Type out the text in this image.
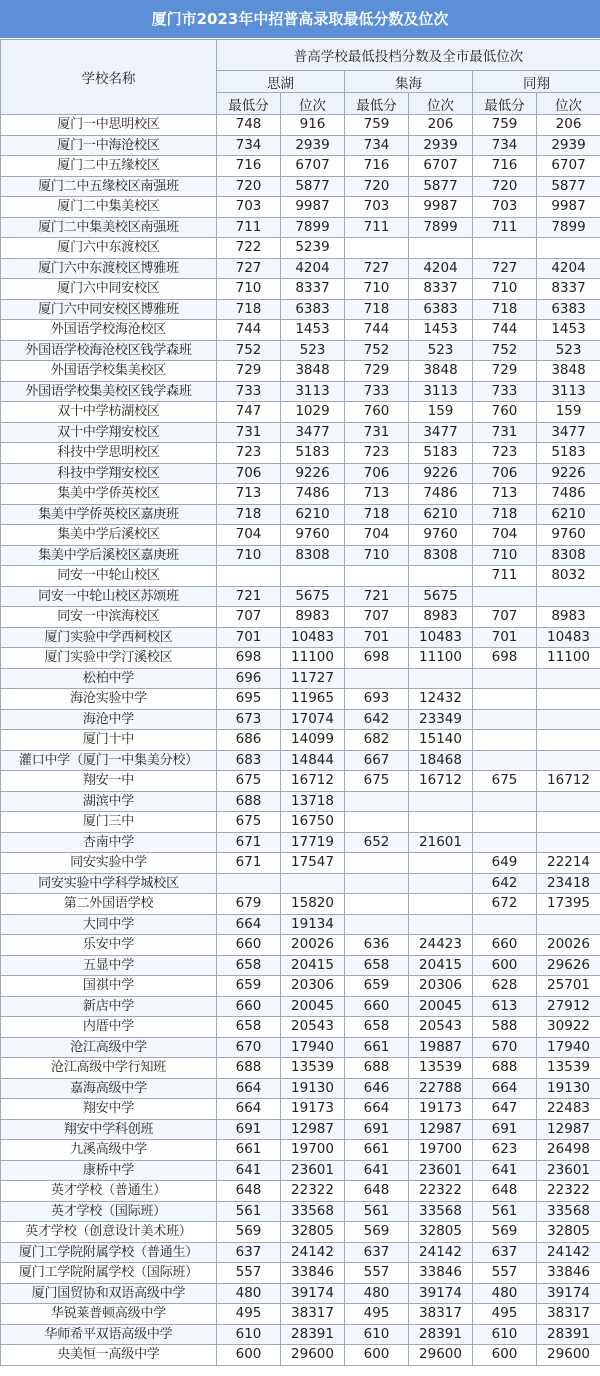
厦门市2023年中招普高录取最低分数及位次
学校名称	普高学校最低投档分数及全市最低位次					
	思湖		集海		同翔	
	最低分	位次	最低分	位次	最低分	位次
厦门一中思明校区	748	916	759	206	759	206
厦门一中海沧校区	734	2939	734	2939	734	2939
厦门二中五缘校区	716	6707	716	6707	716	6707
厦门二中五缘校区南强班	720	5877	720	5877	720	5877
厦门二中集美校区	703	9987	703	9987	703	9987
厦门二中集美校区南强班	711	7899	711	7899	711	7899
厦门六中东渡校区	722	5239				
厦门六中东渡校区博雅班	727	4204	727	4204	727	4204
厦门六中同安校区	710	8337	710	8337	710	8337
厦门六中同安校区博雅班	718	6383	718	6383	718	6383
外国语学校海沧校区	744	1453	744	1453	744	1453
外国语学校海沧校区钱学森班	752	523	752	523	752	523
外国语学校集美校区	729	3848	729	3848	729	3848
外国语学校集美校区钱学森班	733	3113	733	3113	733	3113
双十中学枋湖校区	747	1029	760	159	760	159
双十中学翔安校区	731	3477	731	3477	731	3477
科技中学思明校区	723	5183	723	5183	723	5183
科技中学翔安校区	706	9226	706	9226	706	9226
集美中学侨英校区	713	7486	713	7486	713	7486
集美中学侨英校区嘉庚班	718	6210	718	6210	718	6210
集美中学后溪校区	704	9760	704	9760	704	9760
集美中学后溪校区嘉庚班	710	8308	710	8308	710	8308
同安一中轮山校区					711	8032
同安一中轮山校区苏颂班	721	5675	721	5675		
同安一中滨海校区	707	8983	707	8983	707	8983
厦门实验中学西柯校区	701	10483	701	10483	701	10483
厦门实验中学汀溪校区	698	11100	698	11100	698	11100
松柏中学	696	11727				
海沧实验中学	695	11965	693	12432		
海沧中学	673	17074	642	23349		
厦门十中	686	14099	682	15140		
灌口中学（厦门一中集美分校）	683	14844	667	18468		
翔安一中	675	16712	675	16712	675	16712
湖滨中学	688	13718				
厦门三中	675	16750				
杏南中学	671	17719	652	21601		
同安实验中学	671	17547			649	22214
同安实验中学科学城校区					642	23418
第二外国语学校	679	15820			672	17395
大同中学	664	19134				
乐安中学	660	20026	636	24423	660	20026
五显中学	658	20415	658	20415	600	29626
国祺中学	659	20306	659	20306	628	25701
新店中学	660	20045	660	20045	613	27912
内厝中学	658	20543	658	20543	588	30922
沧江高级中学	670	17940	661	19887	670	17940
沧江高级中学行知班	688	13539	688	13539	688	13539
嘉海高级中学	664	19130	646	22788	664	19130
翔安中学	664	19173	664	19173	647	22483
翔安中学科创班	691	12987	691	12987	691	12987
九溪高级中学	661	19700	661	19700	623	26498
康桥中学	641	23601	641	23601	641	23601
英才学校（普通生）	648	22322	648	22322	648	22322
英才学校（国际班）	561	33568	561	33568	561	33568
英才学校（创意设计美术班）	569	32805	569	32805	569	32805
厦门工学院附属学校（普通生）	637	24142	637	24142	637	24142
厦门工学院附属学校（国际班）	557	33846	557	33846	557	33846
厦门国贸协和双语高级中学	480	39174	480	39174	480	39174
华锐莱普顿高级中学	495	38317	495	38317	495	38317
华师希平双语高级中学	610	28391	610	28391	610	28391
央美恒一高级中学	600	29600	600	29600	600	29600
